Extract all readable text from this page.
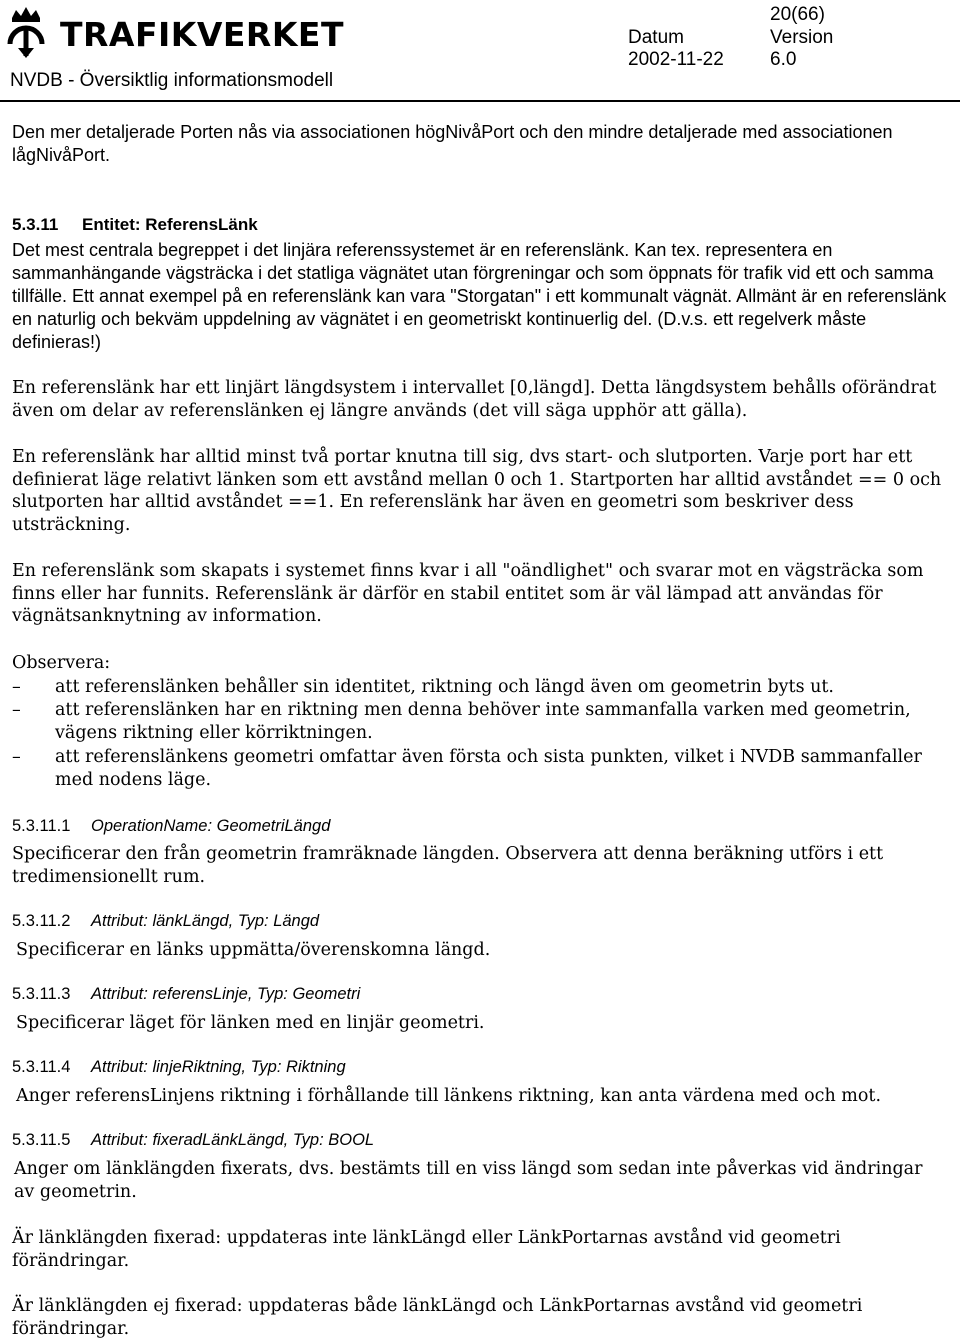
TRAFIKVERKET
NVDB - Översiktlig informationsmodell
20(66)
Datum	Version
2002-11-22 6.0
Den mer detaljerade Porten nås via associationen högNivåPort och den mindre detaljerade med associationen lågNivåPort.
5.3.11 Entitet: ReferensLänk
Det mest centrala begreppet i det linjära referenssystemet är en referenslänk. Kan tex. representera en sammanhängande vägsträcka i det statliga vägnätet utan förgreningar och som öppnats för trafik vid ett och samma tillfälle. Ett annat exempel på en referenslänk kan vara "Storgatan" i ett kommunalt vägnät. Allmänt är en referenslänk en naturlig och bekväm uppdelning av vägnätet i en geometriskt kontinuerlig del. (D.v.s. ett regelverk måste definieras!)
En referenslänk har ett linjärt längdsystem i intervallet [0,längd]. Detta längdsystem behålls oförändrat även om delar av referenslänken ej längre används (det vill säga upphör att gälla).
En referenslänk har alltid minst två portar knutna till sig, dvs start- och slutporten. Varje port har ett definierat läge relativt länken som ett avstånd mellan 0 och 1. Startporten har alltid avståndet == 0 och slutporten har alltid avståndet ==1. En referenslänk har även en geometri som beskriver dess utsträckning.
En referenslänk som skapats i systemet finns kvar i all "oändlighet" och svarar mot en vägsträcka som finns eller har funnits. Referenslänk är därför en stabil entitet som är väl lämpad att användas för vägnätsanknytning av information.
Observera:
–	att referenslänken behåller sin identitet, riktning och längd även om geometrin byts ut.
–	att referenslänken har en riktning men denna behöver inte sammanfalla varken med geometrin, vägens riktning eller körriktningen.
–	att referenslänkens geometri omfattar även första och sista punkten, vilket i NVDB sammanfaller med nodens läge.
5.3.11.1 OperationName: GeometriLängd
Specificerar den från geometrin framräknade längden. Observera att denna beräkning utförs i ett tredimensionellt rum.
5.3.11.2 Attribut: länkLängd, Typ: Längd
Specificerar en länks uppmätta/överenskomna längd.
5.3.11.3 Attribut: referensLinje, Typ: Geometri
Specificerar läget för länken med en linjär geometri.
5.3.11.4 Attribut: linjeRiktning, Typ: Riktning
Anger referensLinjens riktning i förhållande till länkens riktning, kan anta värdena med och mot.
5.3.11.5 Attribut: fixeradLänkLängd, Typ: BOOL
Anger om länklängden fixerats, dvs. bestämts till en viss längd som sedan inte påverkas vid ändringar av geometrin.
Är länklängden fixerad: uppdateras inte länkLängd eller LänkPortarnas avstånd vid geometri förändringar.
Är länklängden ej fixerad: uppdateras både länkLängd och LänkPortarnas avstånd vid geometri förändringar.
